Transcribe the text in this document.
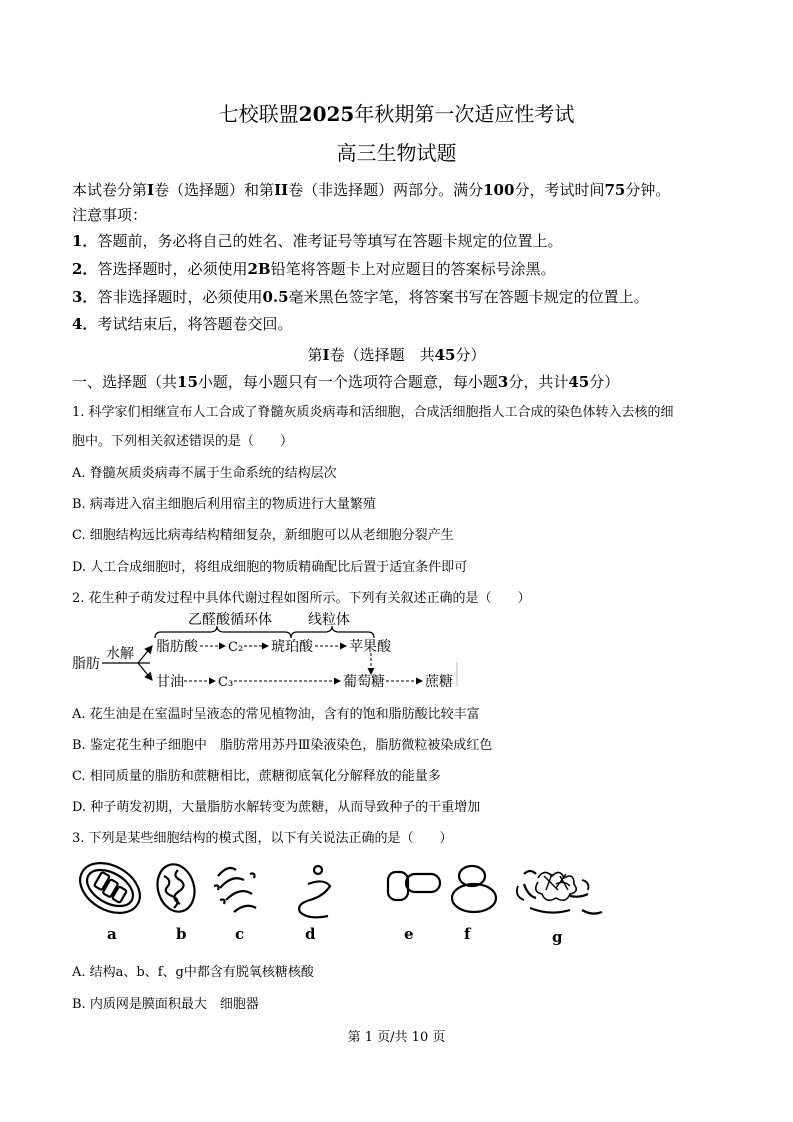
七校联盟2025年秋期第一次适应性考试
高三生物试题
本试卷分第I卷（选择题）和第II卷（非选择题）两部分。满分100分，考试时间75分钟。
注意事项：
1．答题前，务必将自己的姓名、准考证号等填写在答题卡规定的位置上。
2．答选择题时，必须使用2B铅笔将答题卡上对应题目的答案标号涂黑。
3．答非选择题时，必须使用0.5毫米黑色签字笔，将答案书写在答题卡规定的位置上。
4．考试结束后，将答题卷交回。
第I卷（选择题　共45分）
一、选择题（共15小题，每小题只有一个选项符合题意，每小题3分，共计45分）
1. 科学家们相继宣布人工合成了脊髓灰质炎病毒和活细胞，合成活细胞指人工合成的染色体转入去核的细
胞中。下列相关叙述错误的是（　　）
A. 脊髓灰质炎病毒不属于生命系统的结构层次
B. 病毒进入宿主细胞后利用宿主的物质进行大量繁殖
C. 细胞结构远比病毒结构精细复杂，新细胞可以从老细胞分裂产生
D. 人工合成细胞时，将组成细胞的物质精确配比后置于适宜条件即可
2. 花生种子萌发过程中具体代谢过程如图所示。下列有关叙述正确的是（　　）
乙醛酸循环体	线粒体
脂肪
水解 脂肪酸 C₂ 琥珀酸	苹果酸
甘油	C₃	葡萄糖	蔗糖
A. 花生油是在室温时呈液态的常见植物油，含有的饱和脂肪酸比较丰富
B. 鉴定花生种子细胞中　脂肪常用苏丹Ⅲ染液染色，脂肪微粒被染成红色
C. 相同质量的脂肪和蔗糖相比，蔗糖彻底氧化分解释放的能量多
D. 种子萌发初期，大量脂肪水解转变为蔗糖，从而导致种子的干重增加
3. 下列是某些细胞结构的模式图，以下有关说法正确的是（　　）
a	b	c	d	e	f	g
A. 结构a、b、f、g中都含有脱氧核糖核酸
B. 内质网是膜面积最大　细胞器
第 1 页/共 10 页
